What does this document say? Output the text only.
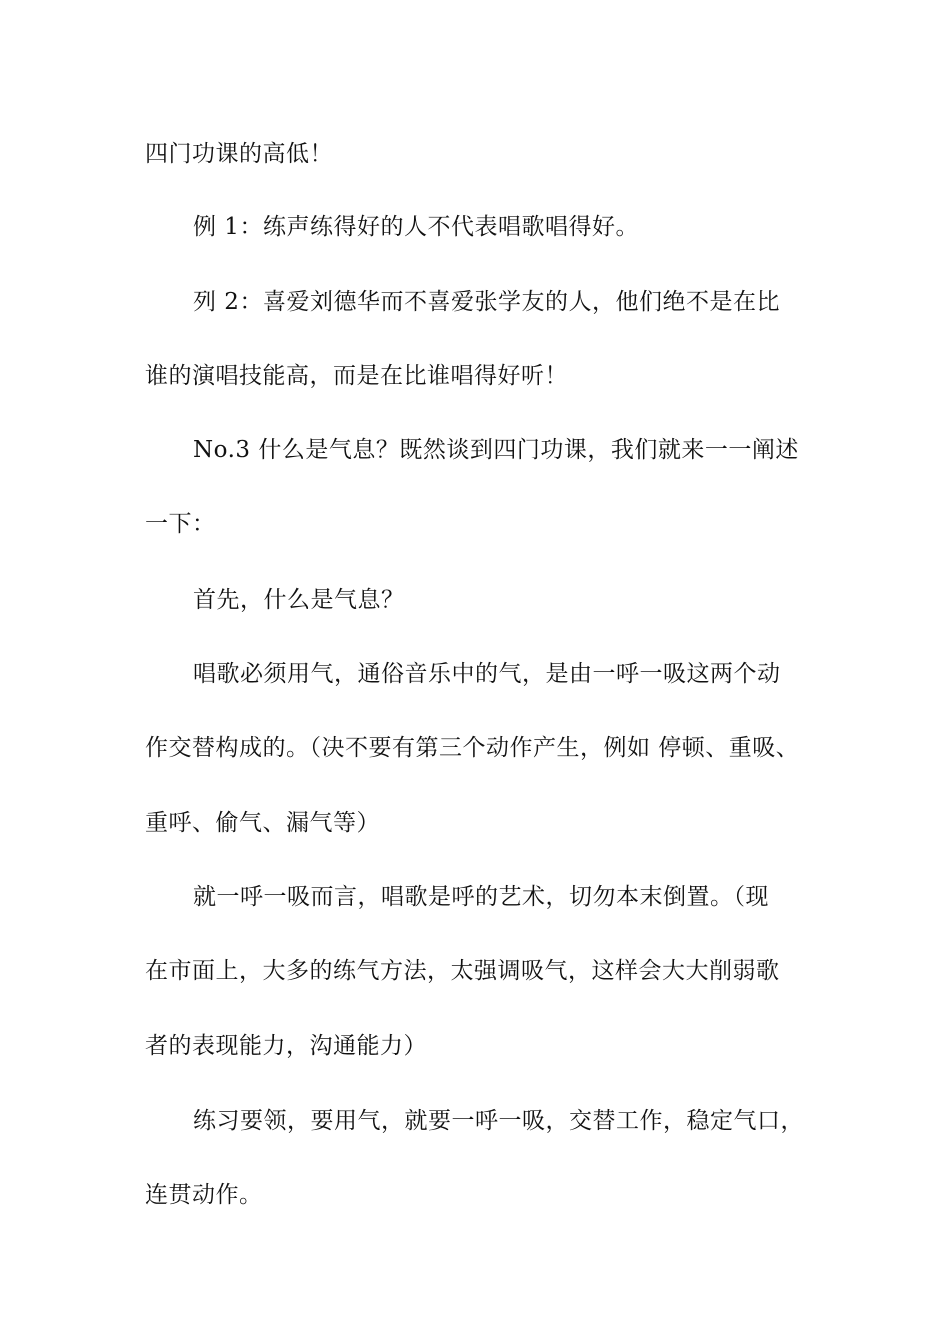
四门功课的高低！
例 1：练声练得好的人不代表唱歌唱得好。
列 2：喜爱刘德华而不喜爱张学友的人，他们绝不是在比
谁的演唱技能高，而是在比谁唱得好听！
No.3 什么是气息？既然谈到四门功课，我们就来一一阐述
一下：
首先，什么是气息？
唱歌必须用气，通俗音乐中的气，是由一呼一吸这两个动
作交替构成的。（决不要有第三个动作产生，例如 停顿、重吸、
重呼、偷气、漏气等）
就一呼一吸而言，唱歌是呼的艺术，切勿本末倒置。（现
在市面上，大多的练气方法，太强调吸气，这样会大大削弱歌
者的表现能力，沟通能力）
练习要领，要用气，就要一呼一吸，交替工作，稳定气口，
连贯动作。
